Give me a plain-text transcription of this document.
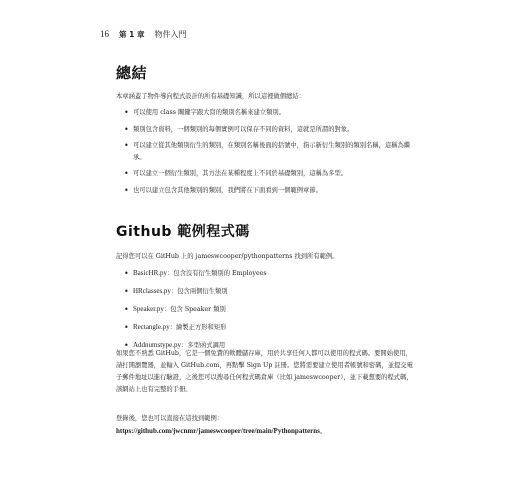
16 第 1 章 物件入門
總結

本章涵蓋了物件導向程式設計的所有基礎知識，所以這裡做個總結：

• 可以使用 class 關鍵字跟大寫的類別名稱來建立類別。
• 類別包含資料，一個類別的每個實例可以保存不同的資料，這就是所謂的對象。
• 可以建立從其他類別衍生的類別，在類別名稱後面的括號中，指示新衍生類別的類別名稱，這稱為繼承。
• 可以建立一個衍生類別，其方法在某種程度上不同於基礎類別，這稱為多型。
• 也可以建立包含其他類別的類別，我們將在下面看到一個範例章節。
Github 範例程式碼

記得您可以在 GitHub 上的 jameswcooper/pythonpatterns 找到所有範例。

• BasicHR.py：包含沒有衍生類別的 Employees
• HRclasses.py：包含兩個衍生類別
• Speaker.py：包含 Speaker 類別
• Rectangle.py：繪製正方形和矩形
• Addnumstype.py：多型函式調用

如果您不熟悉 GitHub，它是一個免費的軟體儲存庫，用於共享任何人都可以使用的程式碼。要開始使用，請打開瀏覽器，並輸入 GitHub.com，再點擊 Sign Up 註冊。您將需要建立使用者帳號和密碼，並提交電子郵件地址以進行驗證，之後您可以搜尋任何程式碼倉庫（比如 jameswcooper），並下載想要的程式碼，該網站上也有完整的手冊。

登錄後，您也可以直接在這找到範例：

https://github.com/jwcnmr/jameswcooper/tree/main/Pythonpatterns。
